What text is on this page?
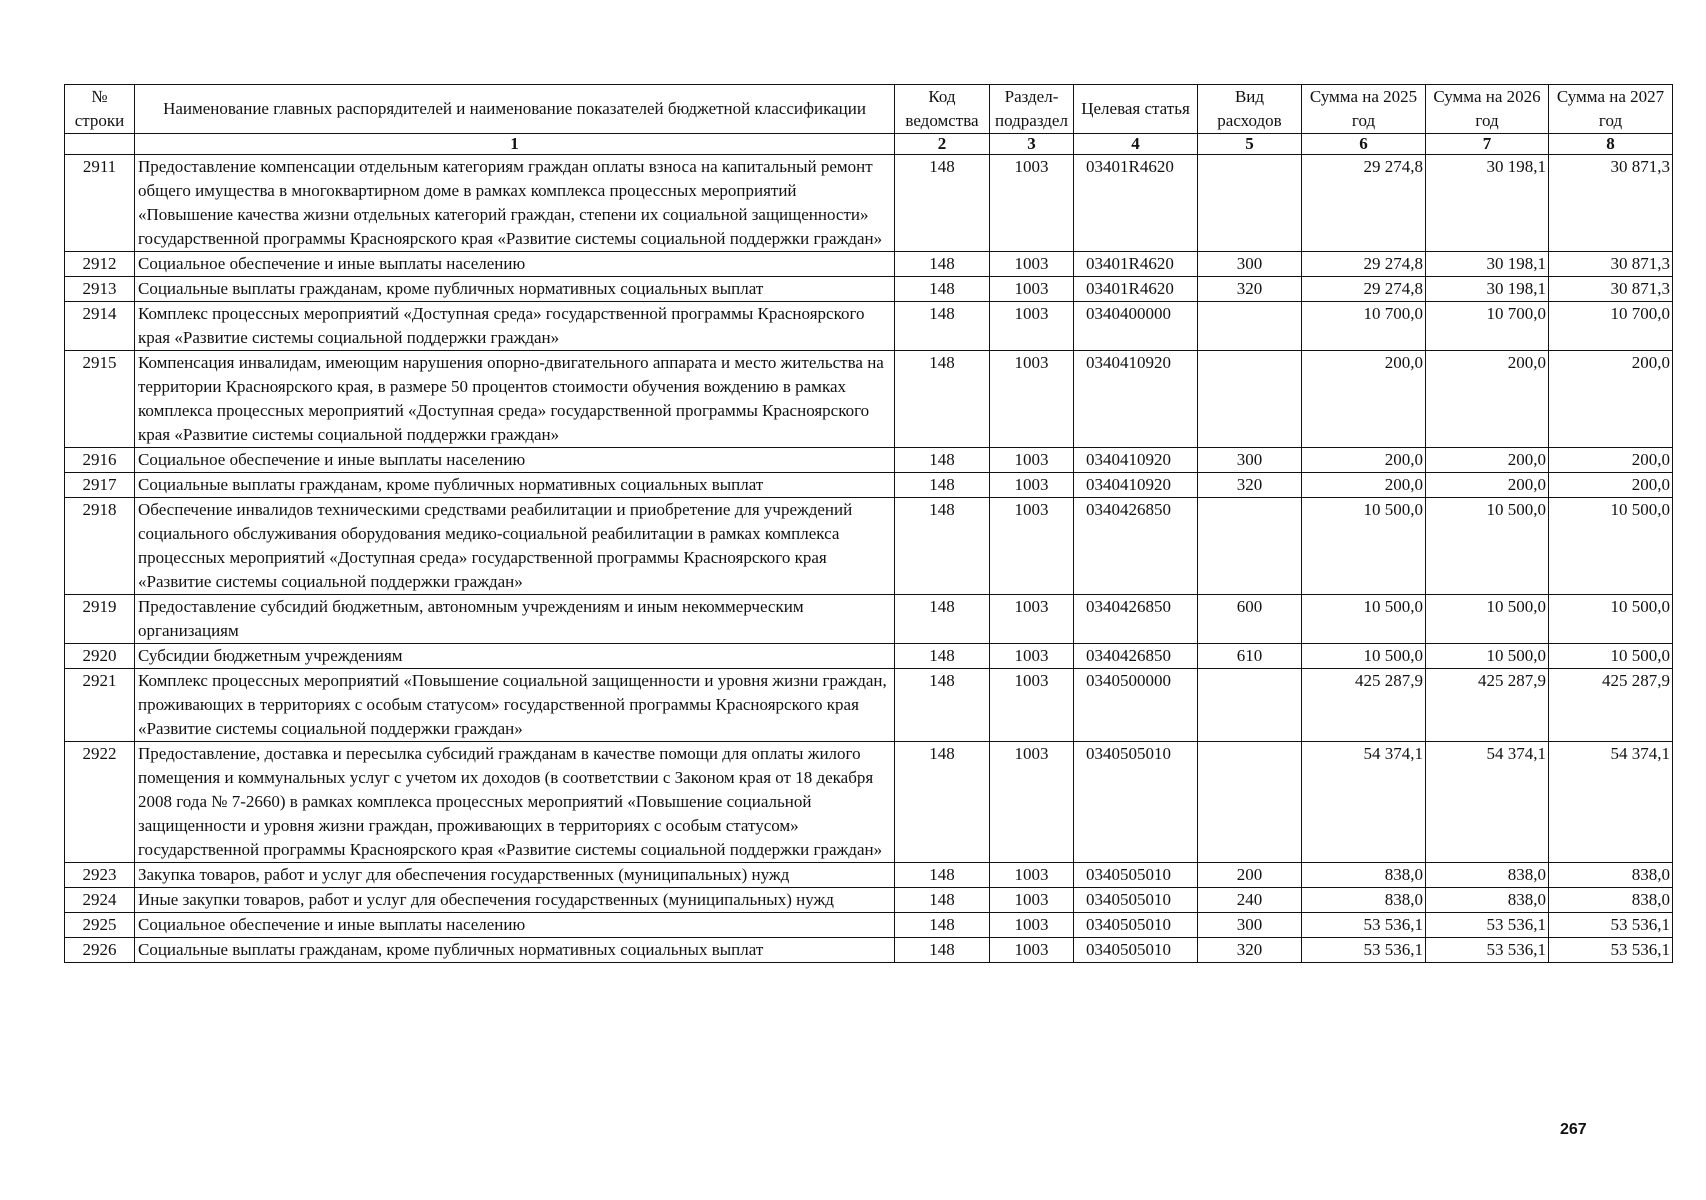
№ строки	Наименование главных распорядителей и наименование показателей бюджетной классификации	Код ведомства	Раздел-подраздел	Целевая статья	Вид расходов	Сумма на 2025 год	Сумма на 2026 год	Сумма на 2027 год
	1	2	3	4	5	6	7	8
2911	Предоставление компенсации отдельным категориям граждан оплаты взноса на капитальный ремонт общего имущества в многоквартирном доме в рамках комплекса процессных мероприятий «Повышение качества жизни отдельных категорий граждан, степени их социальной защищенности» государственной программы Красноярского края «Развитие системы социальной поддержки граждан»	148	1003	03401R4620		29 274,8	30 198,1	30 871,3
2912	Социальное обеспечение и иные выплаты населению	148	1003	03401R4620	300	29 274,8	30 198,1	30 871,3
2913	Социальные выплаты гражданам, кроме публичных нормативных социальных выплат	148	1003	03401R4620	320	29 274,8	30 198,1	30 871,3
2914	Комплекс процессных мероприятий «Доступная среда» государственной программы Красноярского края «Развитие системы социальной поддержки граждан»	148	1003	0340400000		10 700,0	10 700,0	10 700,0
2915	Компенсация инвалидам, имеющим нарушения опорно-двигательного аппарата и место жительства на территории Красноярского края, в размере 50 процентов стоимости обучения вождению в рамках комплекса процессных мероприятий «Доступная среда» государственной программы Красноярского края «Развитие системы социальной поддержки граждан»	148	1003	0340410920		200,0	200,0	200,0
2916	Социальное обеспечение и иные выплаты населению	148	1003	0340410920	300	200,0	200,0	200,0
2917	Социальные выплаты гражданам, кроме публичных нормативных социальных выплат	148	1003	0340410920	320	200,0	200,0	200,0
2918	Обеспечение инвалидов техническими средствами реабилитации и приобретение для учреждений социального обслуживания оборудования медико-социальной реабилитации в рамках комплекса процессных мероприятий «Доступная среда» государственной программы Красноярского края «Развитие системы социальной поддержки граждан»	148	1003	0340426850		10 500,0	10 500,0	10 500,0
2919	Предоставление субсидий бюджетным, автономным учреждениям и иным некоммерческим организациям	148	1003	0340426850	600	10 500,0	10 500,0	10 500,0
2920	Субсидии бюджетным учреждениям	148	1003	0340426850	610	10 500,0	10 500,0	10 500,0
2921	Комплекс процессных мероприятий «Повышение социальной защищенности и уровня жизни граждан, проживающих в территориях с особым статусом» государственной программы Красноярского края «Развитие системы социальной поддержки граждан»	148	1003	0340500000		425 287,9	425 287,9	425 287,9
2922	Предоставление, доставка и пересылка субсидий гражданам в качестве помощи для оплаты жилого помещения и коммунальных услуг с учетом их доходов (в соответствии с Законом края от 18 декабря 2008 года № 7-2660) в рамках комплекса процессных мероприятий «Повышение социальной защищенности и уровня жизни граждан, проживающих в территориях с особым статусом» государственной программы Красноярского края «Развитие системы социальной поддержки граждан»	148	1003	0340505010		54 374,1	54 374,1	54 374,1
2923	Закупка товаров, работ и услуг для обеспечения государственных (муниципальных) нужд	148	1003	0340505010	200	838,0	838,0	838,0
2924	Иные закупки товаров, работ и услуг для обеспечения государственных (муниципальных) нужд	148	1003	0340505010	240	838,0	838,0	838,0
2925	Социальное обеспечение и иные выплаты населению	148	1003	0340505010	300	53 536,1	53 536,1	53 536,1
2926	Социальные выплаты гражданам, кроме публичных нормативных социальных выплат	148	1003	0340505010	320	53 536,1	53 536,1	53 536,1
267
